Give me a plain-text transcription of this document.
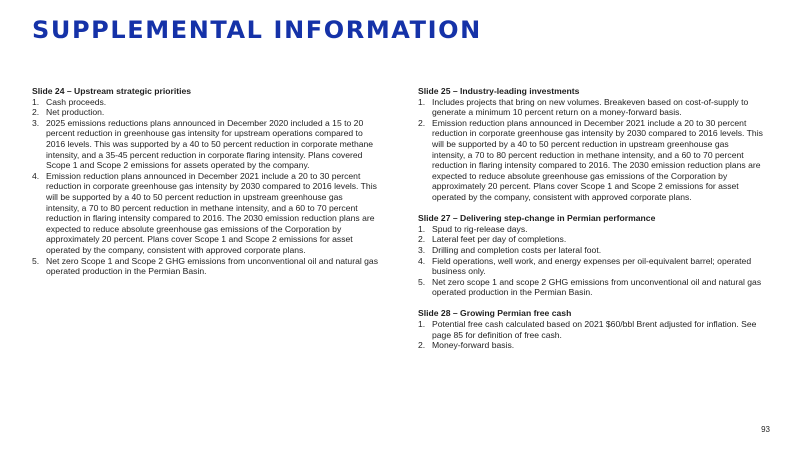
SUPPLEMENTAL INFORMATION
Slide 24 – Upstream strategic priorities
1. Cash proceeds.
2. Net production.
3. 2025 emissions reductions plans announced in December 2020 included a 15 to 20 percent reduction in greenhouse gas intensity for upstream operations compared to 2016 levels. This was supported by a 40 to 50 percent reduction in corporate methane intensity, and a 35-45 percent reduction in corporate flaring intensity. Plans covered Scope 1 and Scope 2 emissions for assets operated by the company.
4. Emission reduction plans announced in December 2021 include a 20 to 30 percent reduction in corporate greenhouse gas intensity by 2030 compared to 2016 levels. This will be supported by a 40 to 50 percent reduction in upstream greenhouse gas intensity, a 70 to 80 percent reduction in methane intensity, and a 60 to 70 percent reduction in flaring intensity compared to 2016. The 2030 emission reduction plans are expected to reduce absolute greenhouse gas emissions of the Corporation by approximately 20 percent. Plans cover Scope 1 and Scope 2 emissions for asset operated by the company, consistent with approved corporate plans.
5. Net zero Scope 1 and Scope 2 GHG emissions from unconventional oil and natural gas operated production in the Permian Basin.
Slide 25 – Industry-leading investments
1. Includes projects that bring on new volumes. Breakeven based on cost-of-supply to generate a minimum 10 percent return on a money-forward basis.
2. Emission reduction plans announced in December 2021 include a 20 to 30 percent reduction in corporate greenhouse gas intensity by 2030 compared to 2016 levels. This will be supported by a 40 to 50 percent reduction in upstream greenhouse gas intensity, a 70 to 80 percent reduction in methane intensity, and a 60 to 70 percent reduction in flaring intensity compared to 2016. The 2030 emission reduction plans are expected to reduce absolute greenhouse gas emissions of the Corporation by approximately 20 percent. Plans cover Scope 1 and Scope 2 emissions for asset operated by the company, consistent with approved corporate plans.
Slide 27 – Delivering step-change in Permian performance
1. Spud to rig-release days.
2. Lateral feet per day of completions.
3. Drilling and completion costs per lateral foot.
4. Field operations, well work, and energy expenses per oil-equivalent barrel; operated business only.
5. Net zero scope 1 and scope 2 GHG emissions from unconventional oil and natural gas operated production in the Permian Basin.
Slide 28 – Growing Permian free cash
1. Potential free cash calculated based on 2021 $60/bbl Brent adjusted for inflation. See page 85 for definition of free cash.
2. Money-forward basis.
93
